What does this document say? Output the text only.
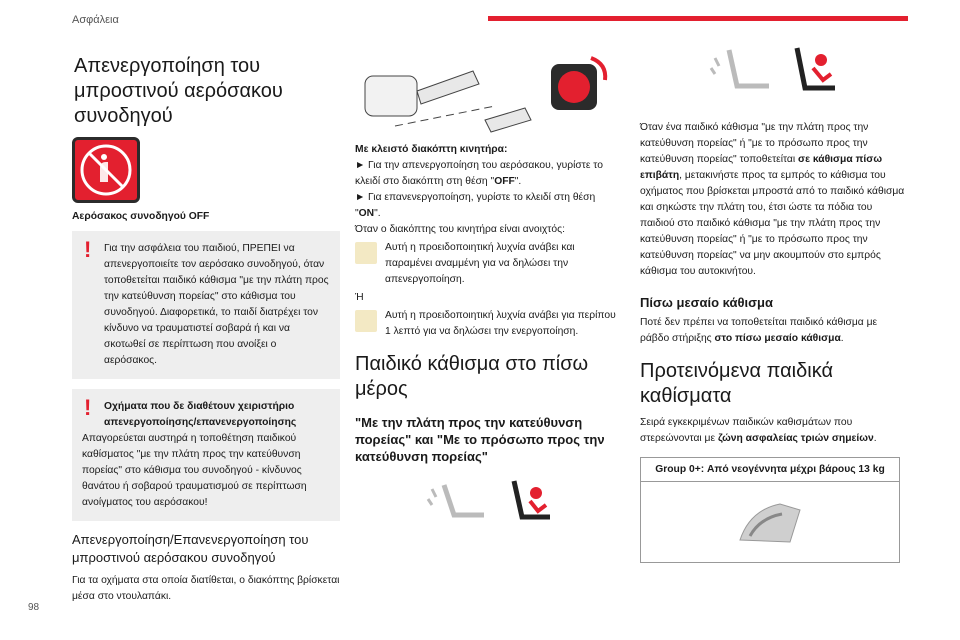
Ασφάλεια
98
Απενεργοποίηση του μπροστινού αερόσακου συνοδηγού
Αερόσακος συνοδηγού OFF
!	Για την ασφάλεια του παιδιού, ΠΡΕΠΕΙ να απενεργοποιείτε τον αερόσακο συνοδηγού, όταν τοποθετείται παιδικό κάθισμα "με την πλάτη προς την κατεύθυνση πορείας" στο κάθισμα του συνοδηγού. Διαφορετικά, το παιδί διατρέχει τον κίνδυνο να τραυματιστεί σοβαρά ή και να σκοτωθεί σε περίπτωση που ανοίξει ο αερόσακος.

!	Οχήματα που δε διαθέτουν χειριστήριο απενεργοποίησης/επανενεργοποίησης

Απαγορεύεται αυστηρά η τοποθέτηση παιδικού καθίσματος "με την πλάτη προς την κατεύθυνση πορείας" στο κάθισμα του συνοδηγού - κίνδυνος θανάτου ή σοβαρού τραυματισμού σε περίπτωση ανοίγματος του αερόσακου!

Απενεργοποίηση/Επανενεργοποίηση του μπροστινού αερόσακου συνοδηγού

Για τα οχήματα στα οποία διατίθεται, ο διακόπτης βρίσκεται μέσα στο ντουλαπάκι.

Με κλειστό διακόπτη κινητήρα:

► Για την απενεργοποίηση του αερόσακου, γυρίστε το κλειδί στο διακόπτη στη θέση "OFF".

► Για επανενεργοποίηση, γυρίστε το κλειδί στη θέση "ON".

Όταν ο διακόπτης του κινητήρα είναι ανοιχτός:

Αυτή η προειδοποιητική λυχνία ανάβει και παραμένει αναμμένη για να δηλώσει την απενεργοποίηση.

Ή

Αυτή η προειδοποιητική λυχνία ανάβει για περίπου 1 λεπτό για να δηλώσει την ενεργοποίηση.

Παιδικό κάθισμα στο πίσω μέρος
"Με την πλάτη προς την κατεύθυνση πορείας" και "Με το πρόσωπο προς την κατεύθυνση πορείας"

Όταν ένα παιδικό κάθισμα "με την πλάτη προς την κατεύθυνση πορείας" ή "με το πρόσωπο προς την κατεύθυνση πορείας" τοποθετείται σε κάθισμα πίσω επιβάτη, μετακινήστε προς τα εμπρός το κάθισμα του οχήματος που βρίσκεται μπροστά από το παιδικό κάθισμα και σηκώστε την πλάτη του, έτσι ώστε τα πόδια του παιδιού στο παιδικό κάθισμα "με την πλάτη προς την κατεύθυνση πορείας" ή "με το πρόσωπο προς την κατεύθυνση πορείας" να μην ακουμπούν στο εμπρός κάθισμα του αυτοκινήτου.

Πίσω μεσαίο κάθισμα

Ποτέ δεν πρέπει να τοποθετείται παιδικό κάθισμα με ράβδο στήριξης στο πίσω μεσαίο κάθισμα.

Προτεινόμενα παιδικά καθίσματα

Σειρά εγκεκριμένων παιδικών καθισμάτων που στερεώνονται με ζώνη ασφαλείας τριών σημείων.

Group 0+: Από νεογέννητα μέχρι βάρους 13 kg
